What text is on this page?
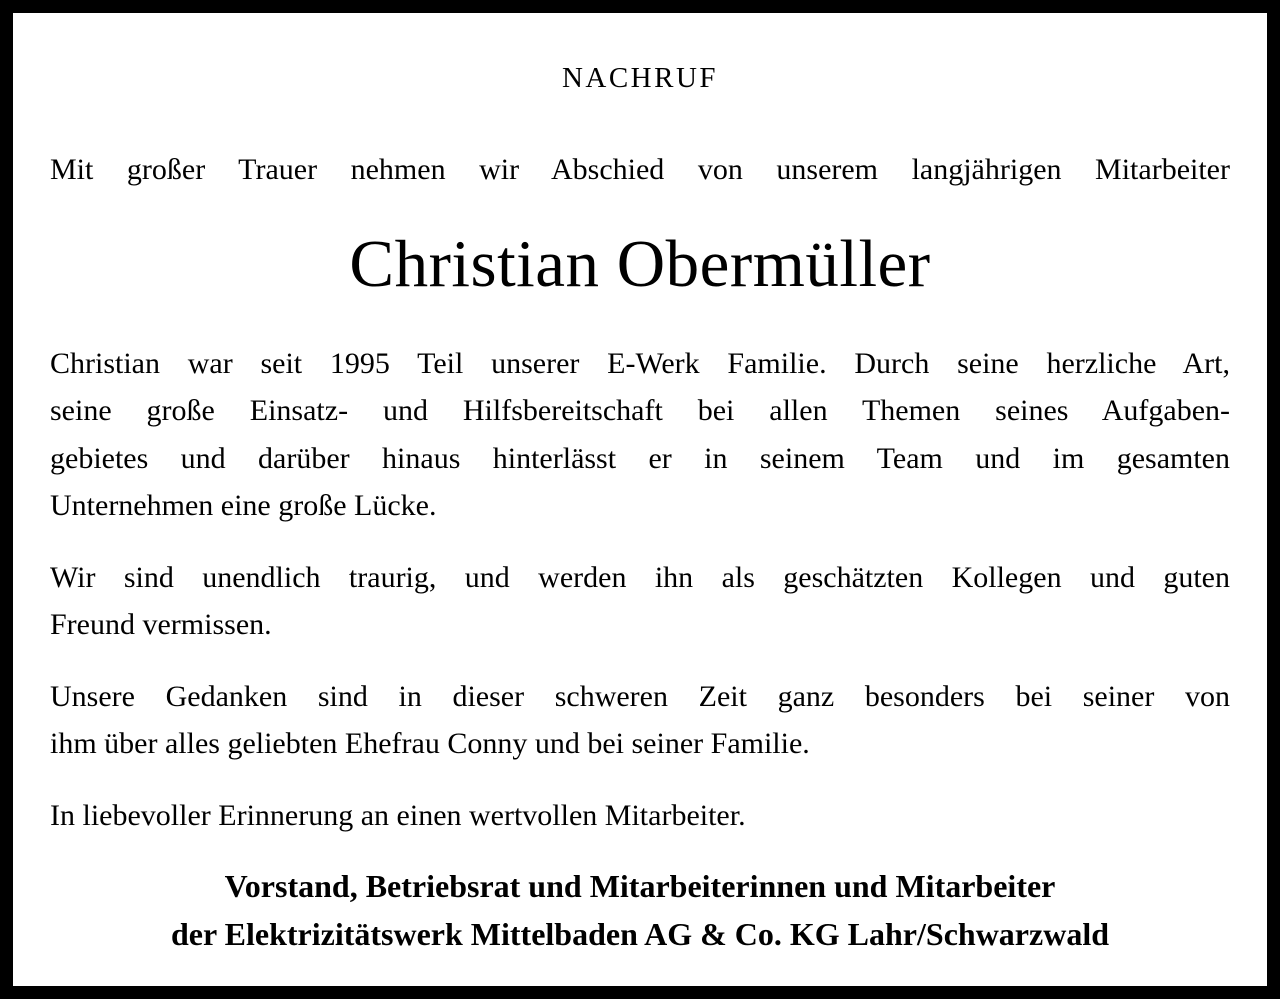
NACHRUF
Mit großer Trauer nehmen wir Abschied von unserem langjährigen Mitarbeiter
Christian Obermüller
Christian war seit 1995 Teil unserer E-Werk Familie. Durch seine herzliche Art,
seine große Einsatz- und Hilfsbereitschaft bei allen Themen seines Aufgaben-
gebietes und darüber hinaus hinterlässt er in seinem Team und im gesamten
Unternehmen eine große Lücke.
Wir sind unendlich traurig, und werden ihn als geschätzten Kollegen und guten
Freund vermissen.
Unsere Gedanken sind in dieser schweren Zeit ganz besonders bei seiner von
ihm über alles geliebten Ehefrau Conny und bei seiner Familie.
In liebevoller Erinnerung an einen wertvollen Mitarbeiter.
Vorstand, Betriebsrat und Mitarbeiterinnen und Mitarbeiter
der Elektrizitätswerk Mittelbaden AG & Co. KG Lahr/Schwarzwald
